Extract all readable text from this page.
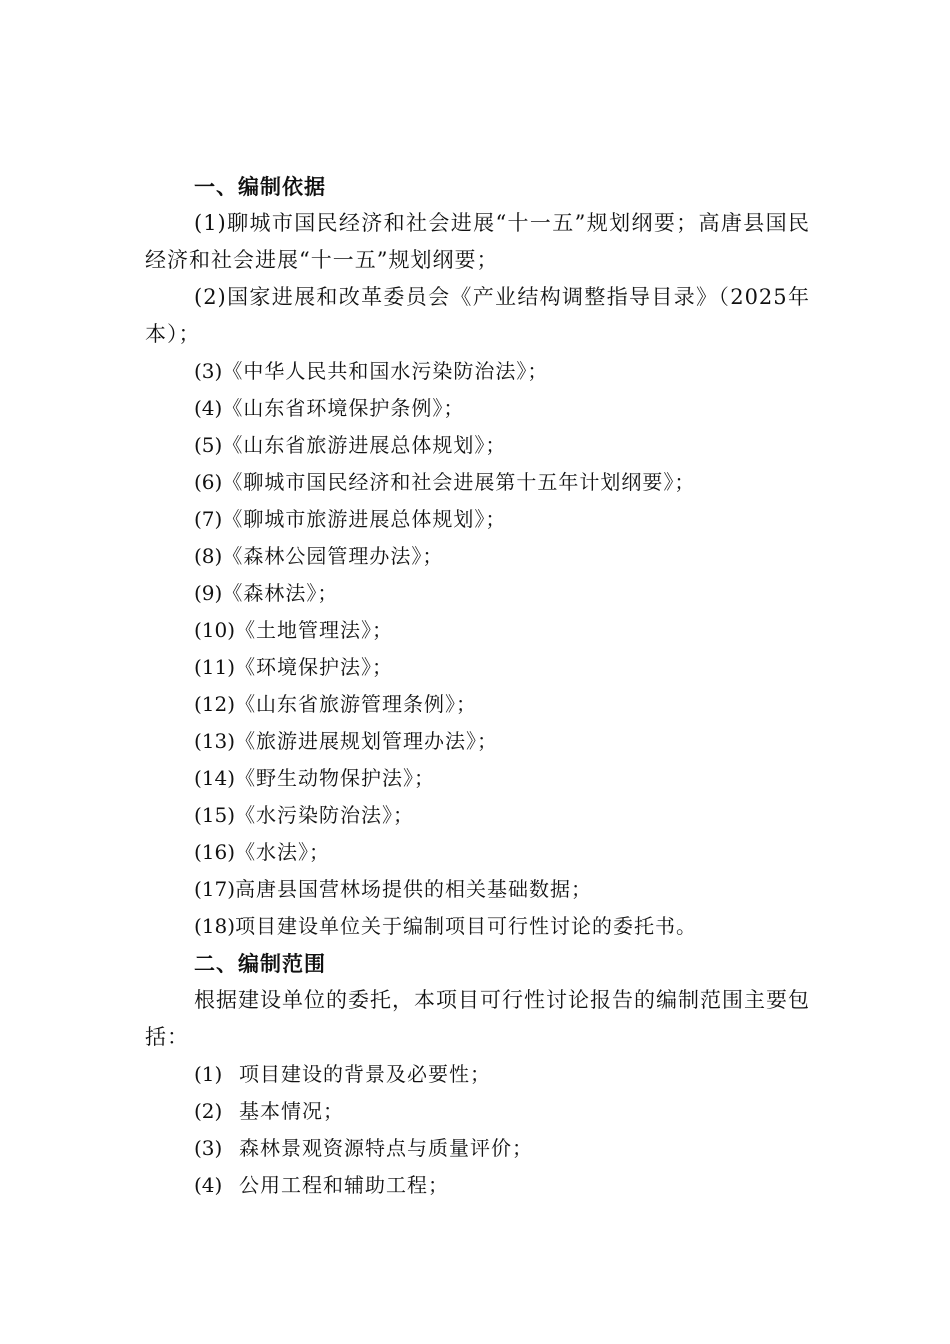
一、编制依据
(1)聊城市国民经济和社会进展“十一五”规划纲要；高唐县国民经济和社会进展“十一五”规划纲要；
(2)国家进展和改革委员会《产业结构调整指导目录》（2025年本）；
(3)《中华人民共和国水污染防治法》；
(4)《山东省环境保护条例》；
(5)《山东省旅游进展总体规划》；
(6)《聊城市国民经济和社会进展第十五年计划纲要》；
(7)《聊城市旅游进展总体规划》；
(8)《森林公园管理办法》；
(9)《森林法》；
(10)《土地管理法》；
(11)《环境保护法》；
(12)《山东省旅游管理条例》；
(13)《旅游进展规划管理办法》；
(14)《野生动物保护法》；
(15)《水污染防治法》；
(16)《水法》；
(17)高唐县国营林场提供的相关基础数据；
(18)项目建设单位关于编制项目可行性讨论的委托书。
二、编制范围
根据建设单位的委托，本项目可行性讨论报告的编制范围主要包括：
(1) 项目建设的背景及必要性；
(2) 基本情况；
(3) 森林景观资源特点与质量评价；
(4) 公用工程和辅助工程；
